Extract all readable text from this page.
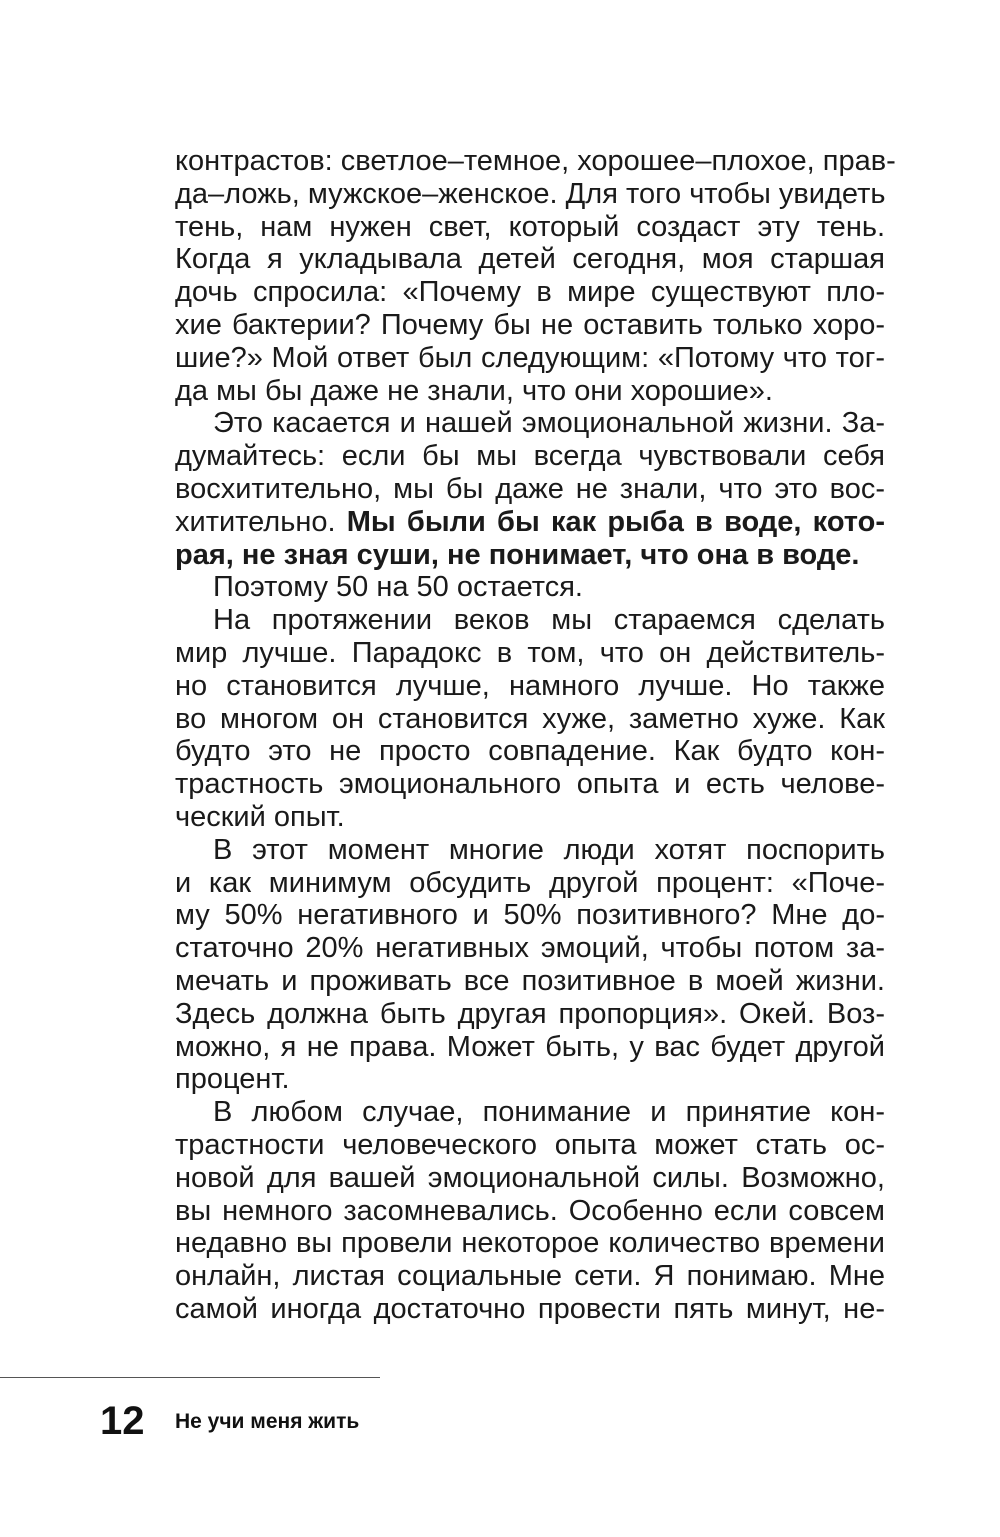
контрастов: светлое–темное, хорошее–плохое, прав-
да–ложь, мужское–женское. Для того чтобы увидеть
тень, нам нужен свет, который создаст эту тень.
Когда я укладывала детей сегодня, моя старшая
дочь спросила: «Почему в мире существуют пло-
хие бактерии? Почему бы не оставить только хоро-
шие?» Мой ответ был следующим: «Потому что тог-
да мы бы даже не знали, что они хорошие».
Это касается и нашей эмоциональной жизни. За-
думайтесь: если бы мы всегда чувствовали себя
восхитительно, мы бы даже не знали, что это вос-
хитительно. Мы были бы как рыба в воде, кото-
рая, не зная суши, не понимает, что она в воде.
Поэтому 50 на 50 остается.
На протяжении веков мы стараемся сделать
мир лучше. Парадокс в том, что он действитель-
но становится лучше, намного лучше. Но также
во многом он становится хуже, заметно хуже. Как
будто это не просто совпадение. Как будто кон-
трастность эмоционального опыта и есть челове-
ческий опыт.
В этот момент многие люди хотят поспорить
и как минимум обсудить другой процент: «Поче-
му 50% негативного и 50% позитивного? Мне до-
статочно 20% негативных эмоций, чтобы потом за-
мечать и проживать все позитивное в моей жизни.
Здесь должна быть другая пропорция». Окей. Воз-
можно, я не права. Может быть, у вас будет другой
процент.
В любом случае, понимание и принятие кон-
трастности человеческого опыта может стать ос-
новой для вашей эмоциональной силы. Возможно,
вы немного засомневались. Особенно если совсем
недавно вы провели некоторое количество времени
онлайн, листая социальные сети. Я понимаю. Мне
самой иногда достаточно провести пять минут, не-
12 Не учи меня жить
